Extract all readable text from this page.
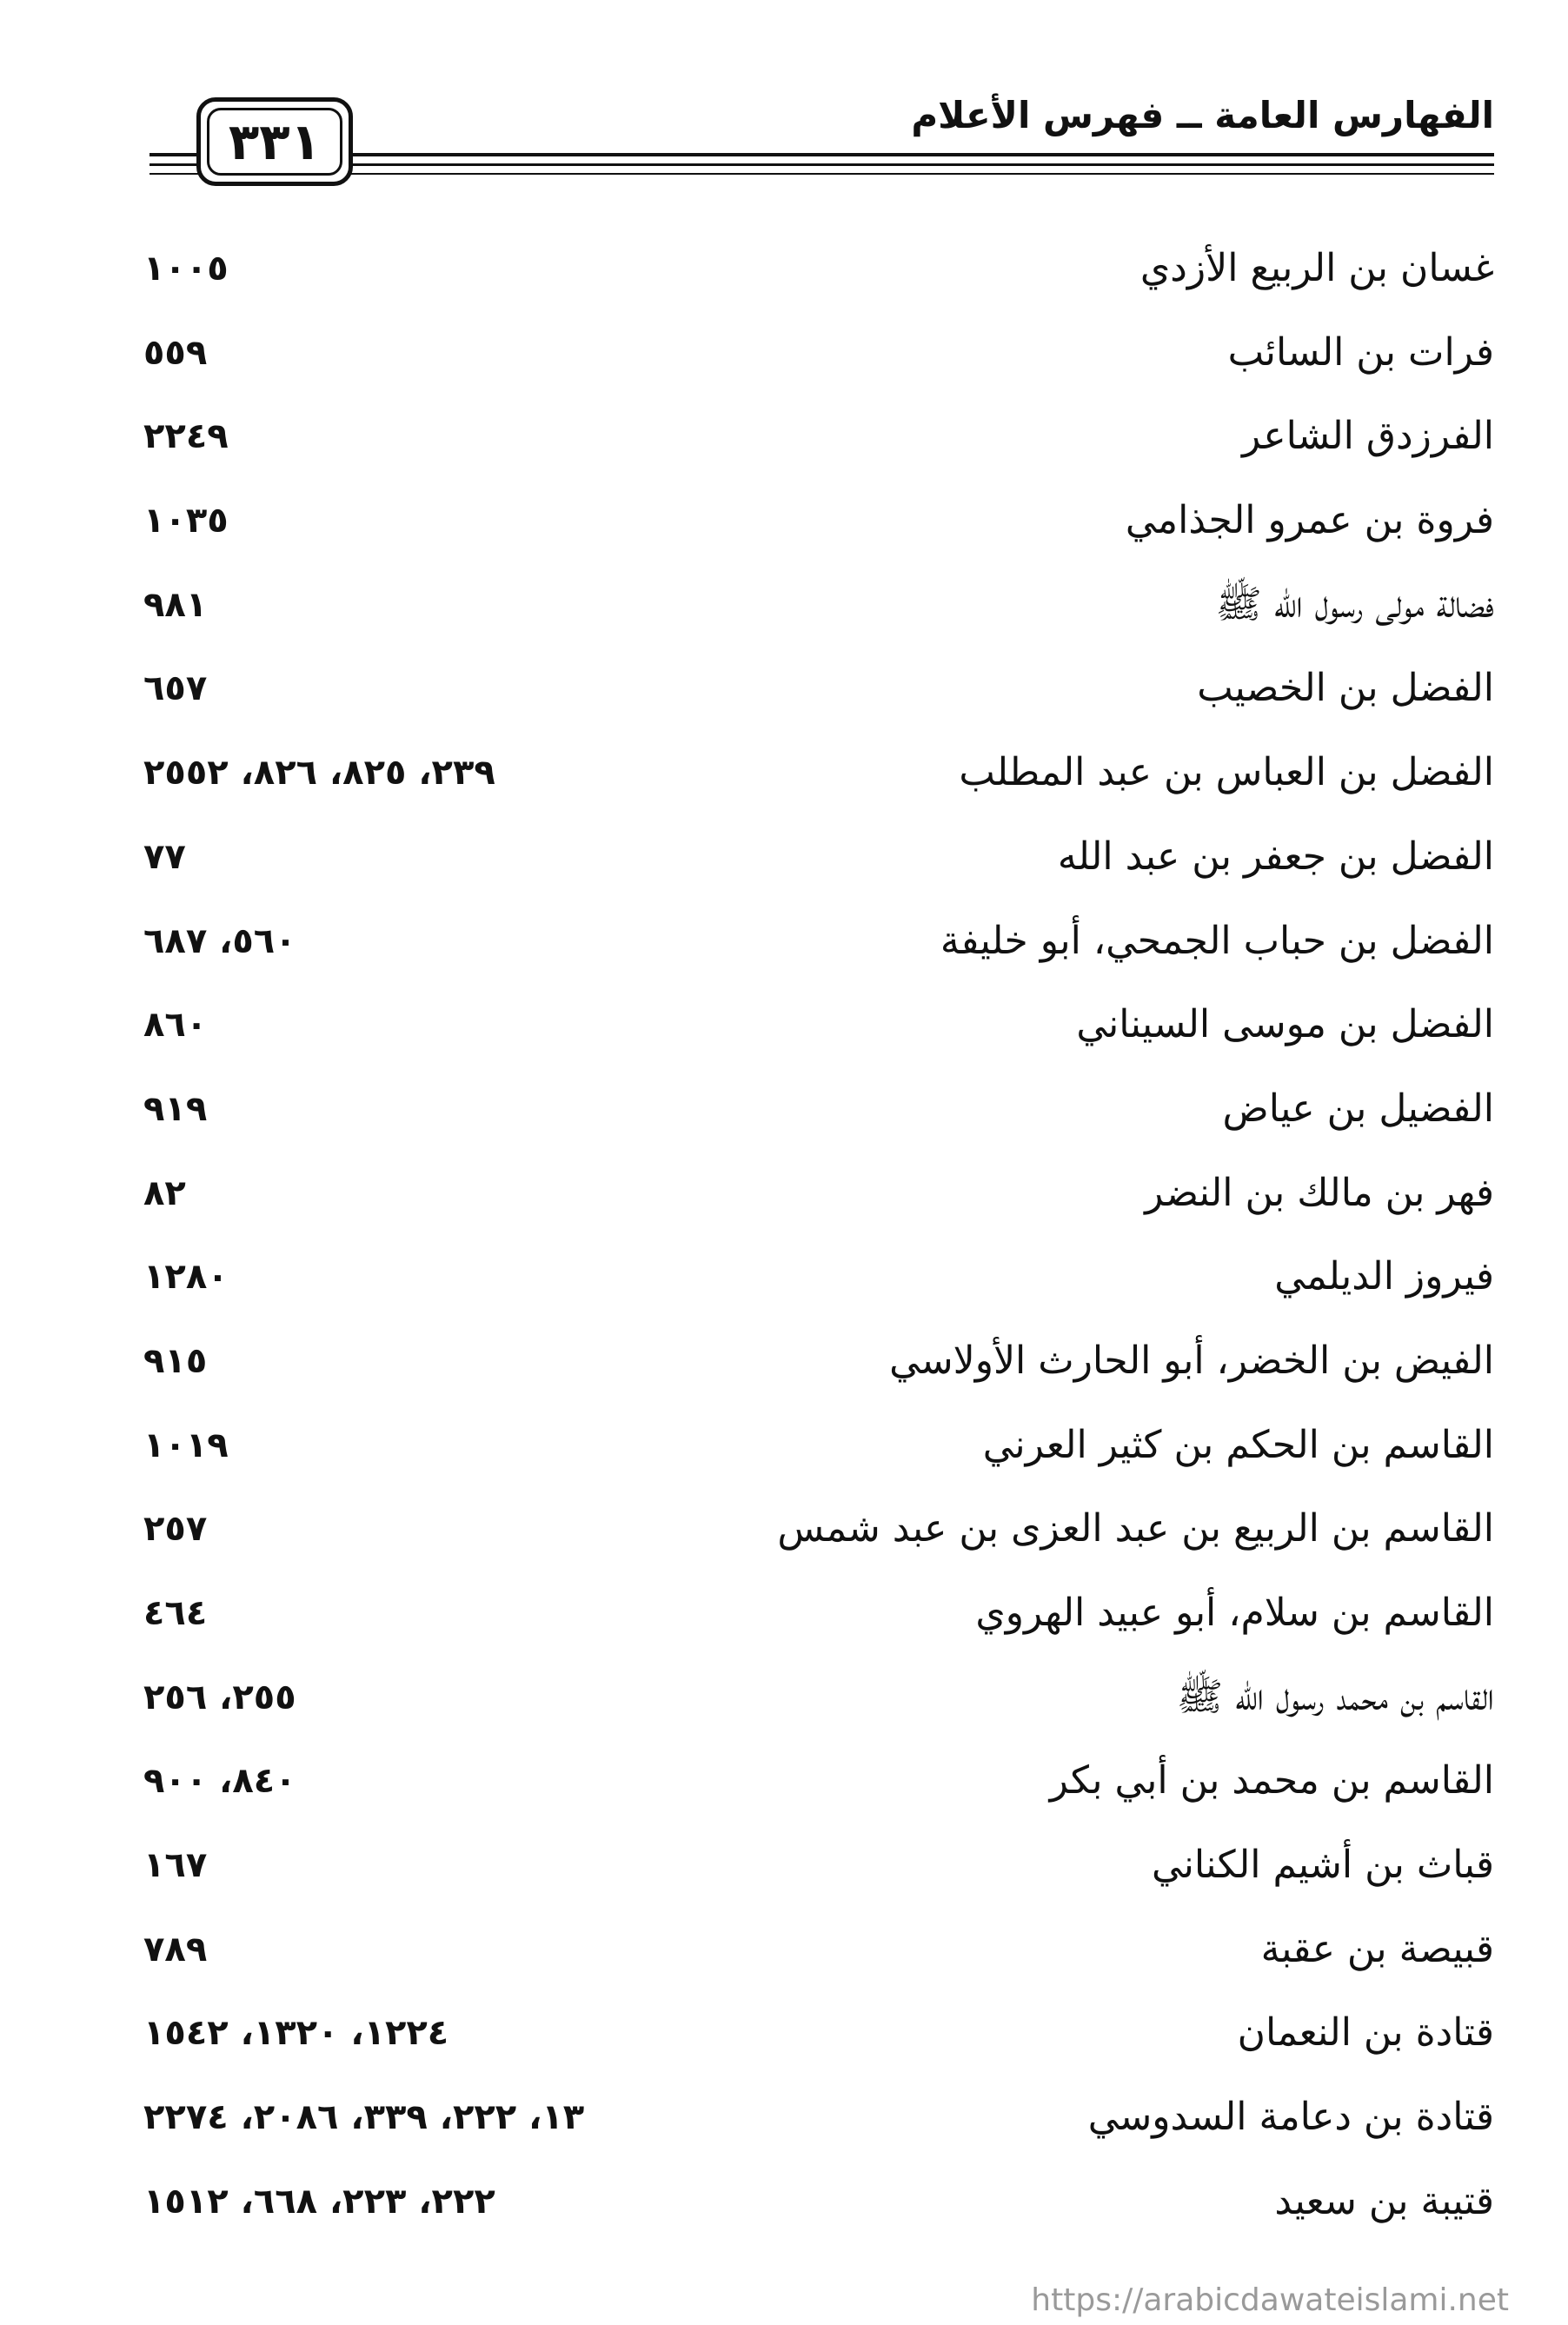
الفهارس العامة ــ فهرس الأعلام
٣٣١
غسان بن الربيع الأزدي
١٠٠٥
فرات بن السائب
٥٥٩
الفرزدق الشاعر
٢٢٤٩
فروة بن عمرو الجذامي
١٠٣٥
فضالة مولى رسول الله ﷺ
٩٨١
الفضل بن الخصيب
٦٥٧
الفضل بن العباس بن عبد المطلب
٢٣٩، ٨٢٥، ٨٢٦، ٢٥٥٢
الفضل بن جعفر بن عبد الله
٧٧
الفضل بن حباب الجمحي، أبو خليفة
٥٦٠، ٦٨٧
الفضل بن موسى السيناني
٨٦٠
الفضيل بن عياض
٩١٩
فهر بن مالك بن النضر
٨٢
فيروز الديلمي
١٢٨٠
الفيض بن الخضر، أبو الحارث الأولاسي
٩١٥
القاسم بن الحكم بن كثير العرني
١٠١٩
القاسم بن الربيع بن عبد العزى بن عبد شمس
٢٥٧
القاسم بن سلام، أبو عبيد الهروي
٤٦٤
القاسم بن محمد رسول الله ﷺ
٢٥٥، ٢٥٦
القاسم بن محمد بن أبي بكر
٨٤٠، ٩٠٠
قباث بن أشيم الكناني
١٦٧
قبيصة بن عقبة
٧٨٩
قتادة بن النعمان
١٢٢٤، ١٣٢٠، ١٥٤٢
قتادة بن دعامة السدوسي
١٣، ٢٢٢، ٣٣٩، ٢٠٨٦، ٢٢٧٤
قتيبة بن سعيد
٢٢٢، ٢٢٣، ٦٦٨، ١٥١٢
https://arabicdawateislami.net
